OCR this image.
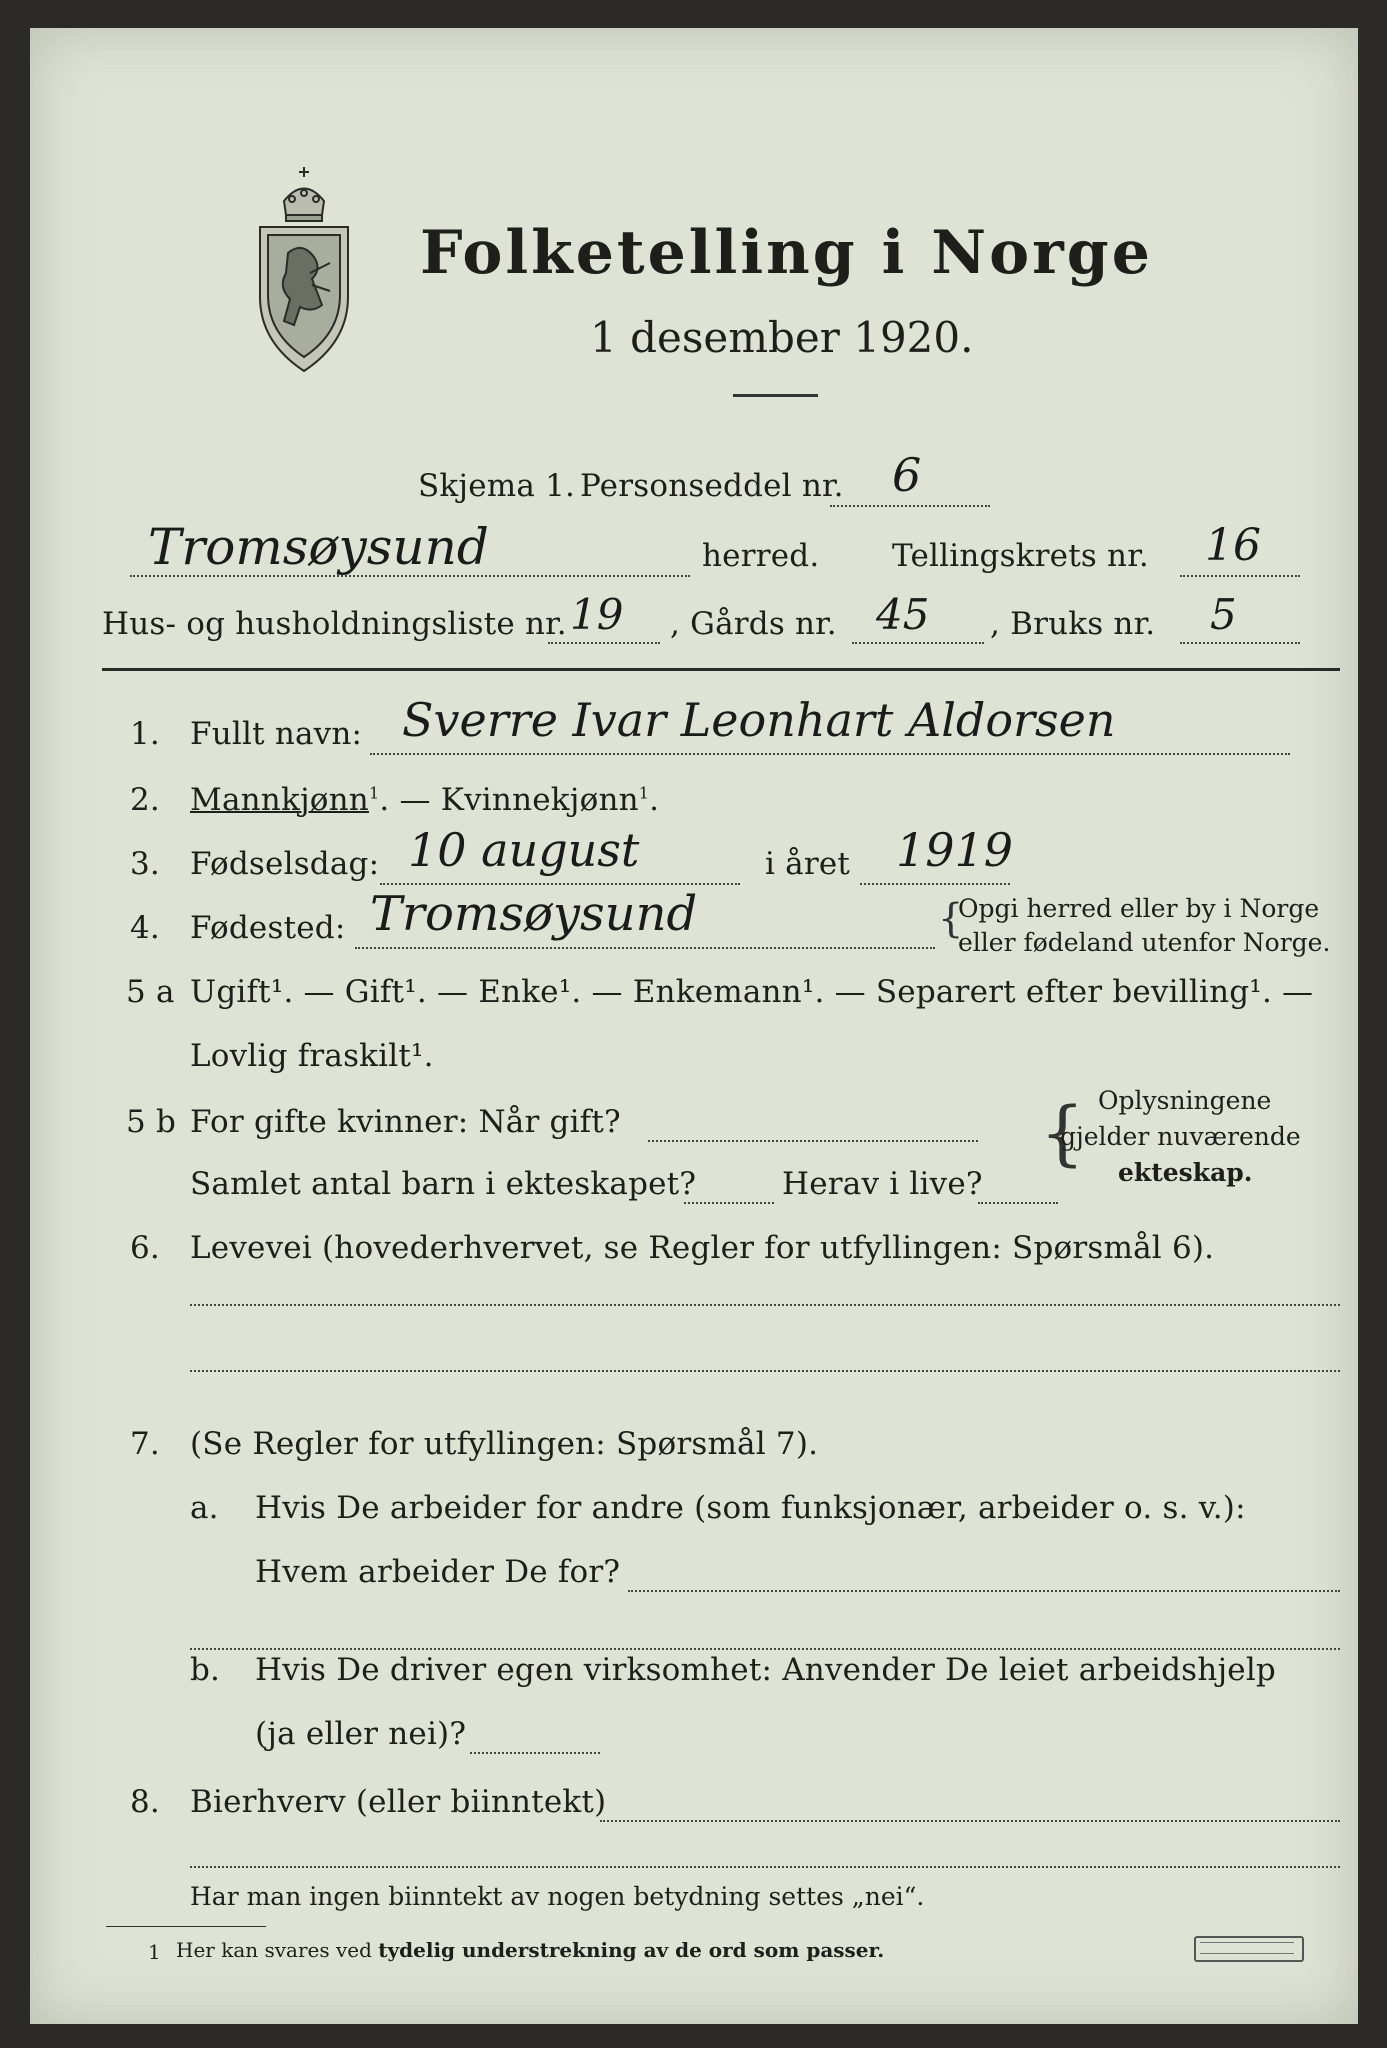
Folketelling i Norge
1 desember 1920.
Skjema 1. Personseddel nr. 6
Tromsøysund	herred. Tellingskrets nr. 16
Hus- og husholdningsliste nr. 19 , Gårds nr. 45 , Bruks nr. 5
1. Fullt navn: Sverre Ivar Leonhart Aldorsen
2. Mannkjønn$^1$. — Kvinnekjønn$^1$.
3. Fødselsdag: 10 august	i året 1919
4. Fødested: Tromsøysund	{
Opgi herred eller by i Norge
eller fødeland utenfor Norge.
5 a Ugift¹. — Gift¹. — Enke¹. — Enkemann¹. — Separert efter bevilling¹. —
Lovlig fraskilt¹.
5 b For gifte kvinner: Når gift?
Samlet antal barn i ekteskapet?	Herav i live?
{ Oplysningene
gjelder nuværende
ekteskap.
6. Levevei (hovederhvervet, se Regler for utfyllingen: Spørsmål 6).
7. (Se Regler for utfyllingen: Spørsmål 7).
a. Hvis De arbeider for andre (som funksjonær, arbeider o. s. v.):
Hvem arbeider De for?
b. Hvis De driver egen virksomhet: Anvender De leiet arbeidshjelp
(ja eller nei)?
8. Bierhverv (eller biinntekt)
Har man ingen biinntekt av nogen betydning settes „nei“.
1 Her kan svares ved tydelig understrekning av de ord som passer.
